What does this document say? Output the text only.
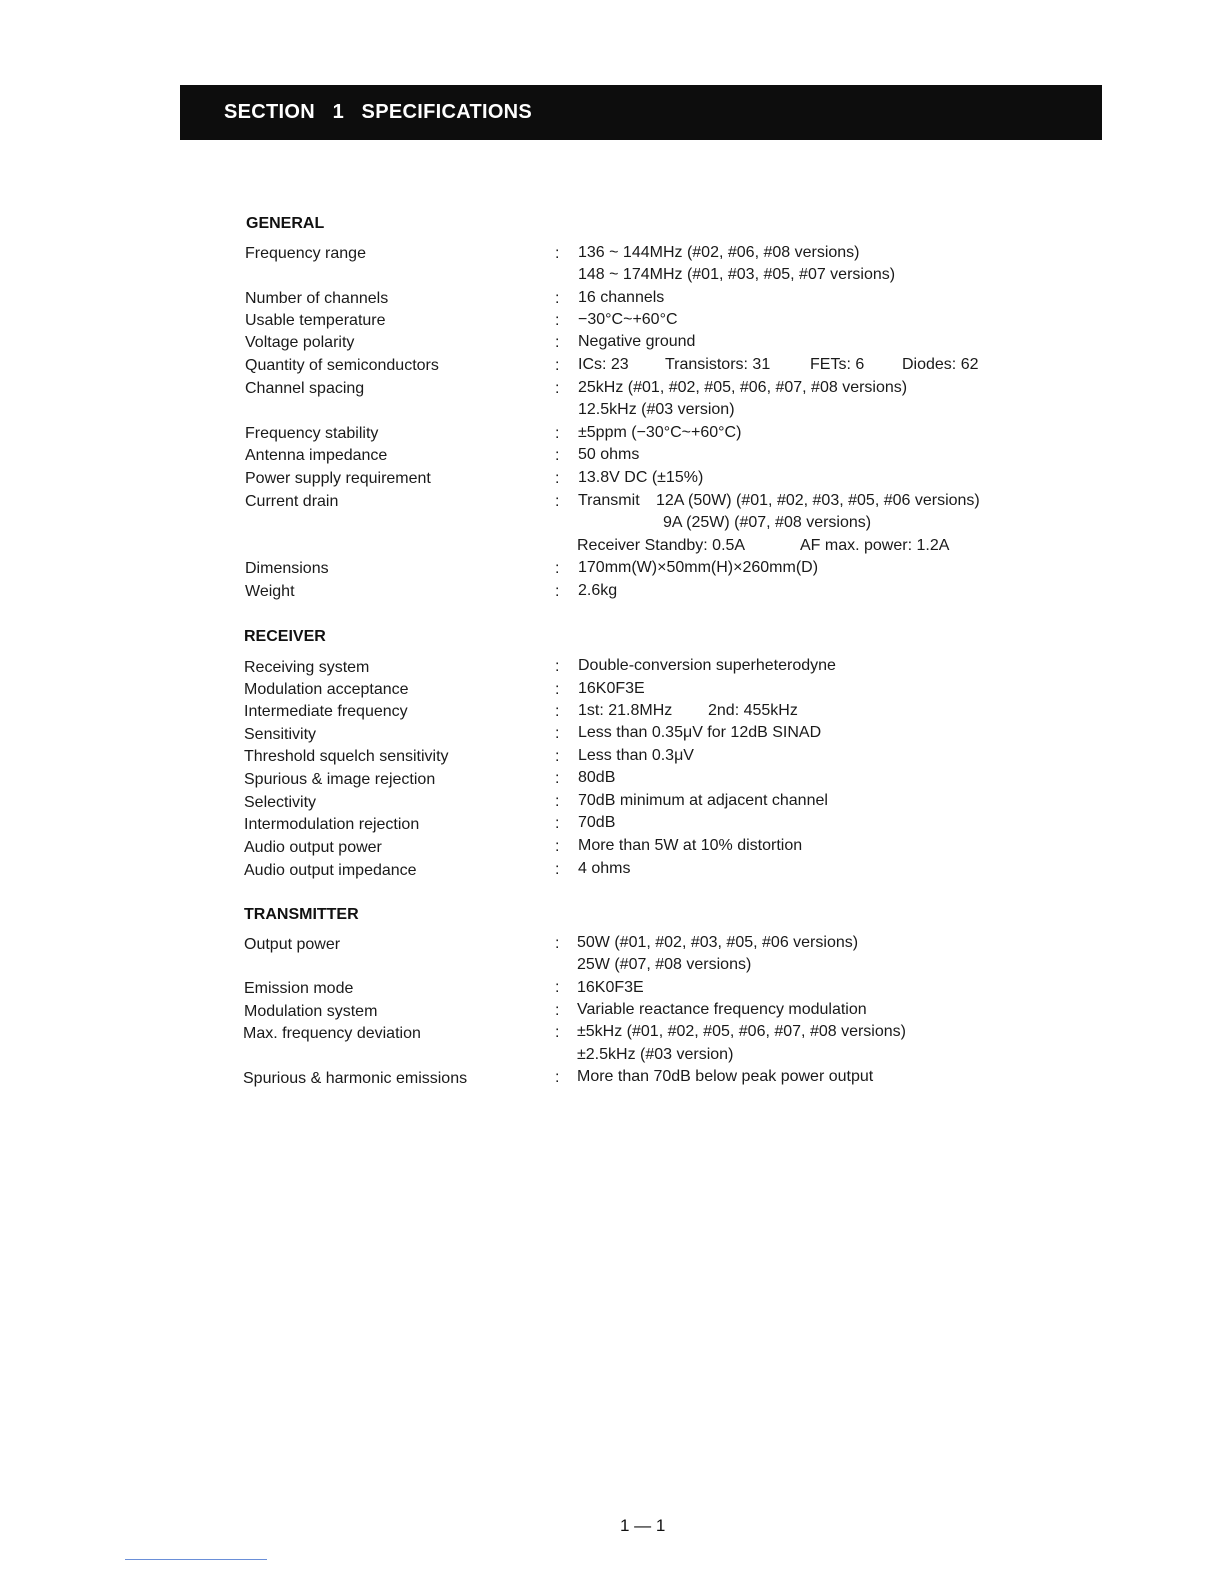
SECTION   1   SPECIFICATIONS
GENERAL
Frequency range	: 136 ~ 144MHz (#02, #06, #08 versions)
148 ~ 174MHz (#01, #03, #05, #07 versions)
Number of channels	: 16 channels
Usable temperature	: −30°C~+60°C
Voltage polarity	: Negative ground
Quantity of semiconductors	: ICs: 23 Transistors: 31 FETs: 6 Diodes: 62
Channel spacing	: 25kHz (#01, #02, #05, #06, #07, #08 versions)
12.5kHz (#03 version)
Frequency stability	: ±5ppm (−30°C~+60°C)
Antenna impedance	: 50 ohms
Power supply requirement	: 13.8V DC (±15%)
Current drain	: Transmit 12A (50W) (#01, #02, #03, #05, #06 versions)
9A (25W) (#07, #08 versions)
Receiver Standby: 0.5A	AF max. power: 1.2A
Dimensions	: 170mm(W)×50mm(H)×260mm(D)
Weight	: 2.6kg
RECEIVER
Receiving system	: Double-conversion superheterodyne
Modulation acceptance	: 16K0F3E
Intermediate frequency	: 1st: 21.8MHz 2nd: 455kHz
Sensitivity	: Less than 0.35μV for 12dB SINAD
Threshold squelch sensitivity	: Less than 0.3μV
Spurious & image rejection	: 80dB
Selectivity	: 70dB minimum at adjacent channel
Intermodulation rejection	: 70dB
Audio output power	: More than 5W at 10% distortion
Audio output impedance	: 4 ohms
TRANSMITTER
Output power	: 50W (#01, #02, #03, #05, #06 versions)
25W (#07, #08 versions)
Emission mode	: 16K0F3E
Modulation system	: Variable reactance frequency modulation
Max. frequency deviation	: ±5kHz (#01, #02, #05, #06, #07, #08 versions)
±2.5kHz (#03 version)
Spurious & harmonic emissions	: More than 70dB below peak power output
1 — 1
